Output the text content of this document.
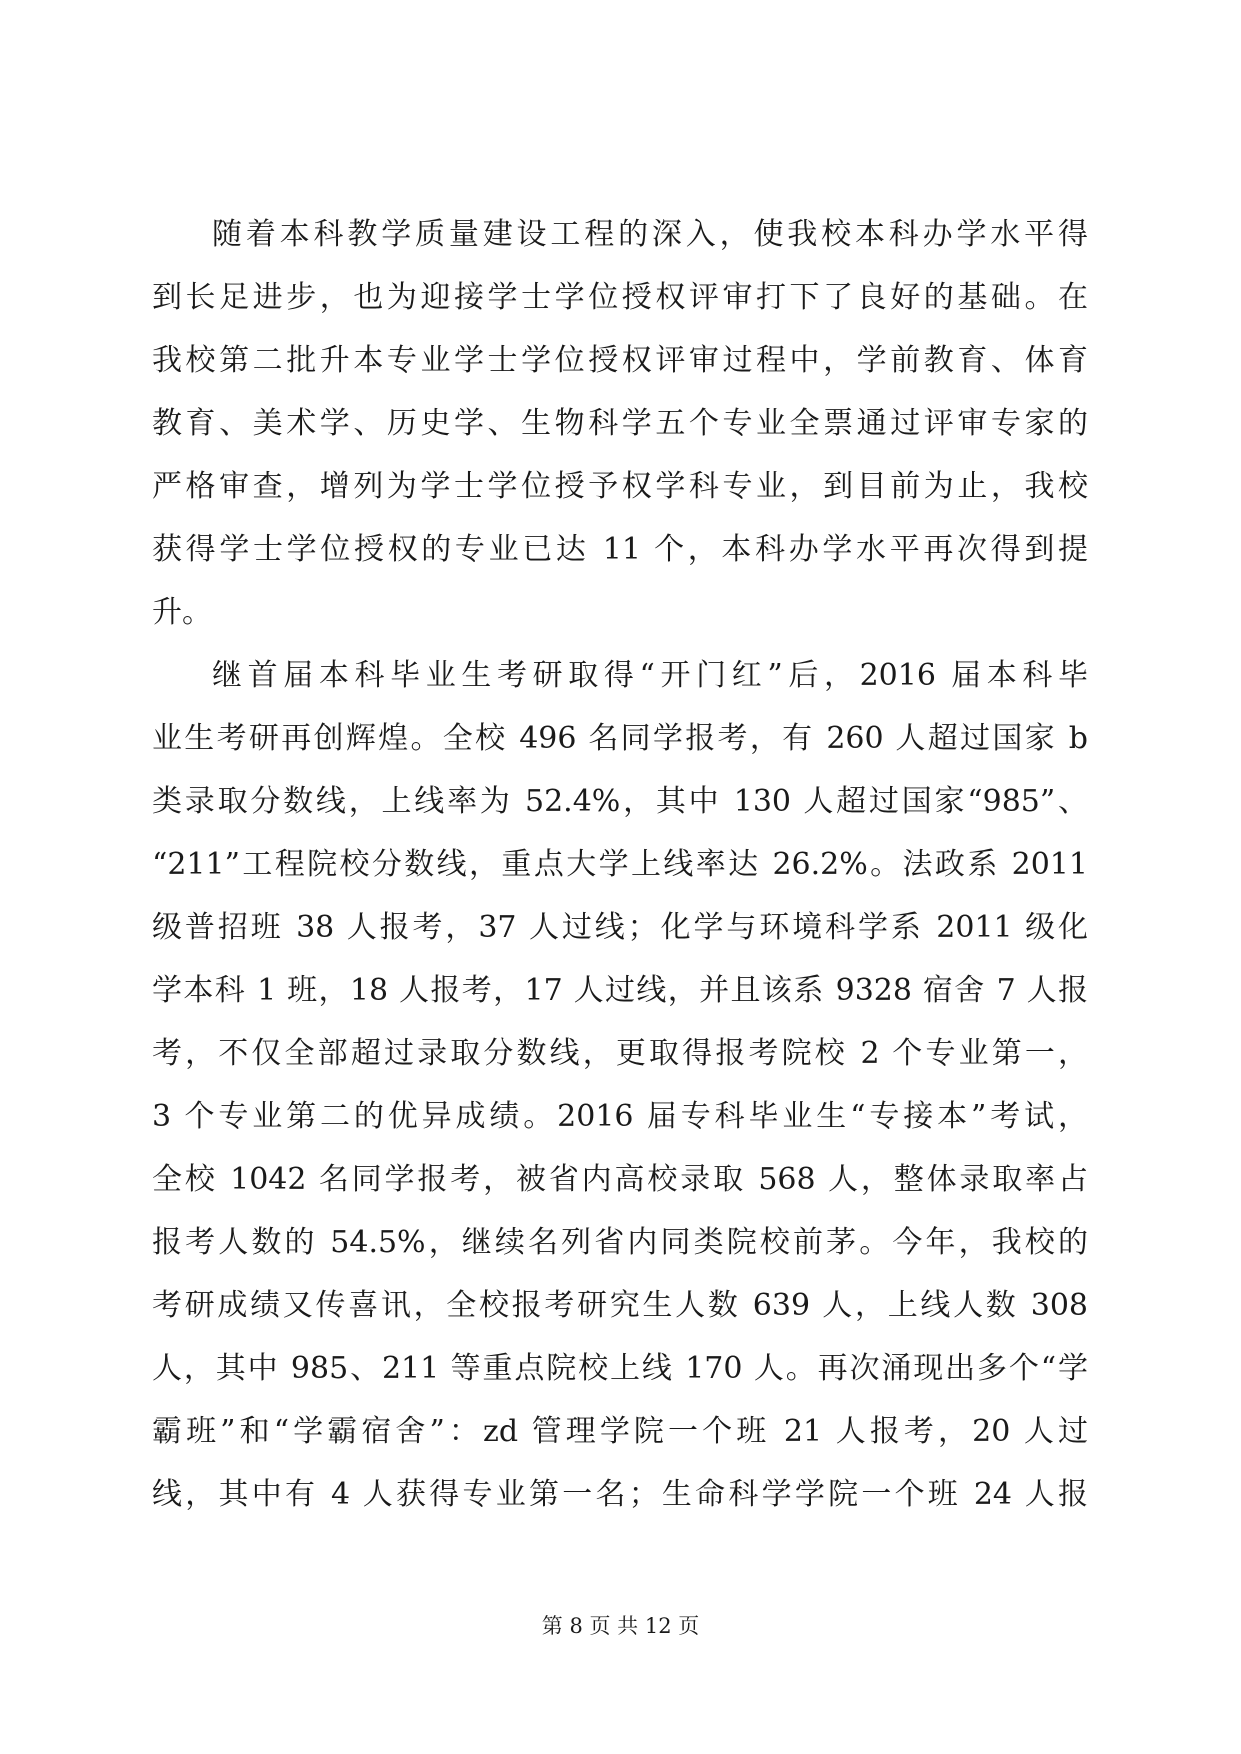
随着本科教学质量建设工程的深入，使我校本科办学水平得
到长足进步，也为迎接学士学位授权评审打下了良好的基础。在
我校第二批升本专业学士学位授权评审过程中，学前教育、体育
教育、美术学、历史学、生物科学五个专业全票通过评审专家的
严格审查，增列为学士学位授予权学科专业，到目前为止，我校
获得学士学位授权的专业已达 11 个，本科办学水平再次得到提
升。
继首届本科毕业生考研取得“开门红”后，2016 届本科毕
业生考研再创辉煌。全校 496 名同学报考，有 260 人超过国家 b
类录取分数线，上线率为 52.4%，其中 130 人超过国家“985”、
“211”工程院校分数线，重点大学上线率达 26.2%。法政系 2011
级普招班 38 人报考，37 人过线；化学与环境科学系 2011 级化
学本科 1 班，18 人报考，17 人过线，并且该系 9328 宿舍 7 人报
考，不仅全部超过录取分数线，更取得报考院校 2 个专业第一，
3 个专业第二的优异成绩。2016 届专科毕业生“专接本”考试，
全校 1042 名同学报考，被省内高校录取 568 人，整体录取率占
报考人数的 54.5%，继续名列省内同类院校前茅。今年，我校的
考研成绩又传喜讯，全校报考研究生人数 639 人，上线人数 308
人，其中 985、211 等重点院校上线 170 人。再次涌现出多个“学
霸班”和“学霸宿舍”：zd 管理学院一个班 21 人报考，20 人过
线，其中有 4 人获得专业第一名；生命科学学院一个班 24 人报
第 8 页 共 12 页
